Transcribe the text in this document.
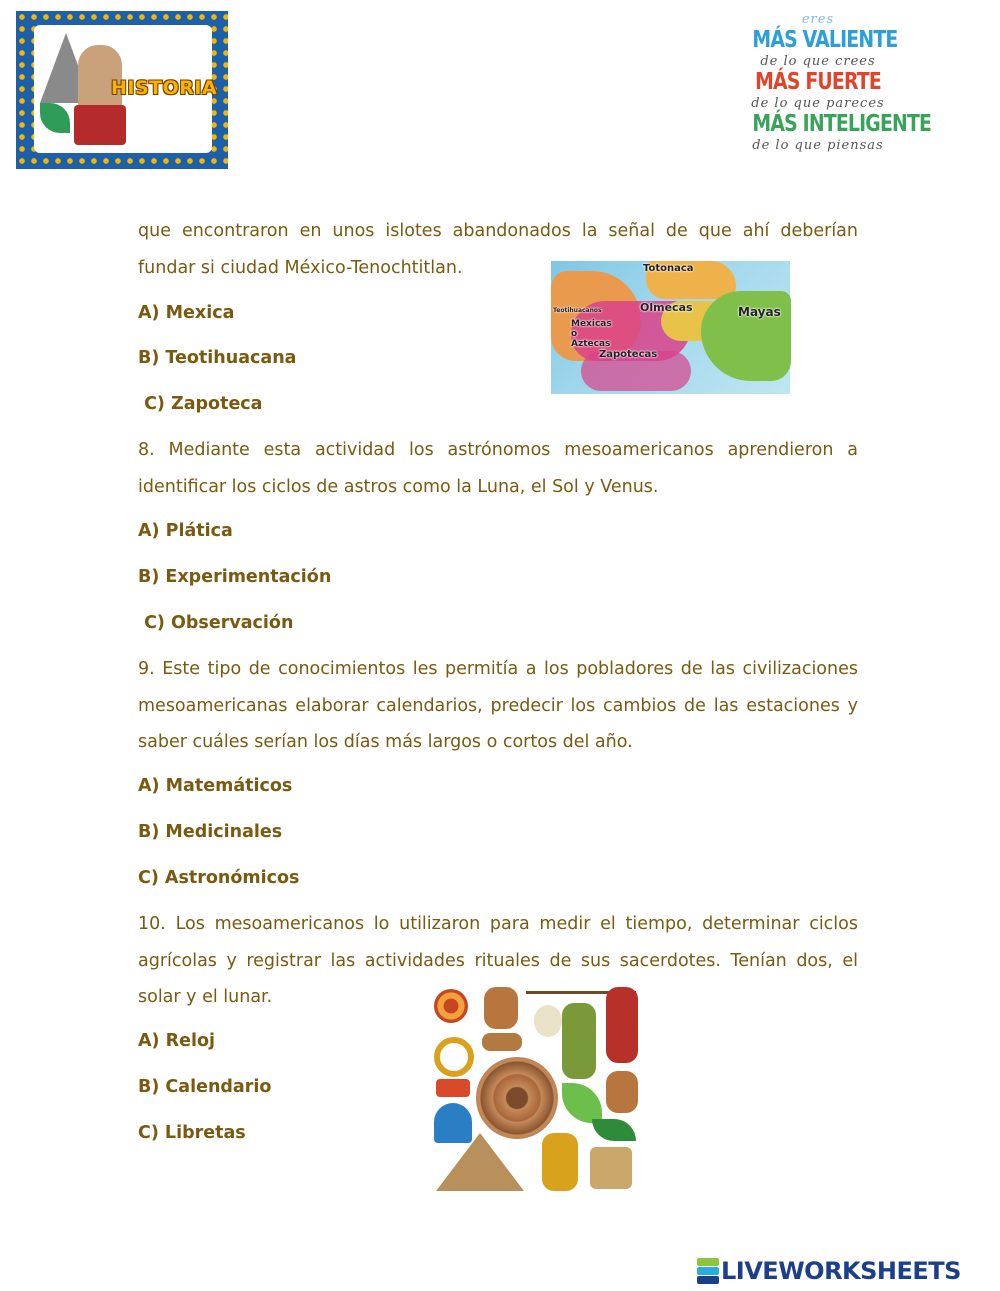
HISTORIA
eres
MÁS VALIENTE
de lo que crees
MÁS FUERTE
de lo que pareces
MÁS INTELIGENTE
de lo que piensas

que encontraron en unos islotes abandonados la señal de que ahí deberían fundar si ciudad México-Tenochtitlan.

A) Mexica

B) Teotihuacana

C) Zapoteca

Totonaca
Olmecas	Mayas
Mexicas o Aztecas
Zapotecas
Teotihuacanos

8. Mediante esta actividad los astrónomos mesoamericanos aprendieron a identificar los ciclos de astros como la Luna, el Sol y Venus.

A) Plática

B) Experimentación

C) Observación

9. Este tipo de conocimientos les permitía a los pobladores de las civilizaciones mesoamericanas elaborar calendarios, predecir los cambios de las estaciones y saber cuáles serían los días más largos o cortos del año.

A) Matemáticos

B) Medicinales

C) Astronómicos

10. Los mesoamericanos lo utilizaron para medir el tiempo, determinar ciclos agrícolas y registrar las actividades rituales de sus sacerdotes. Tenían dos, el solar y el lunar.

A) Reloj

B) Calendario

C) Libretas

LIVEWORKSHEETS
